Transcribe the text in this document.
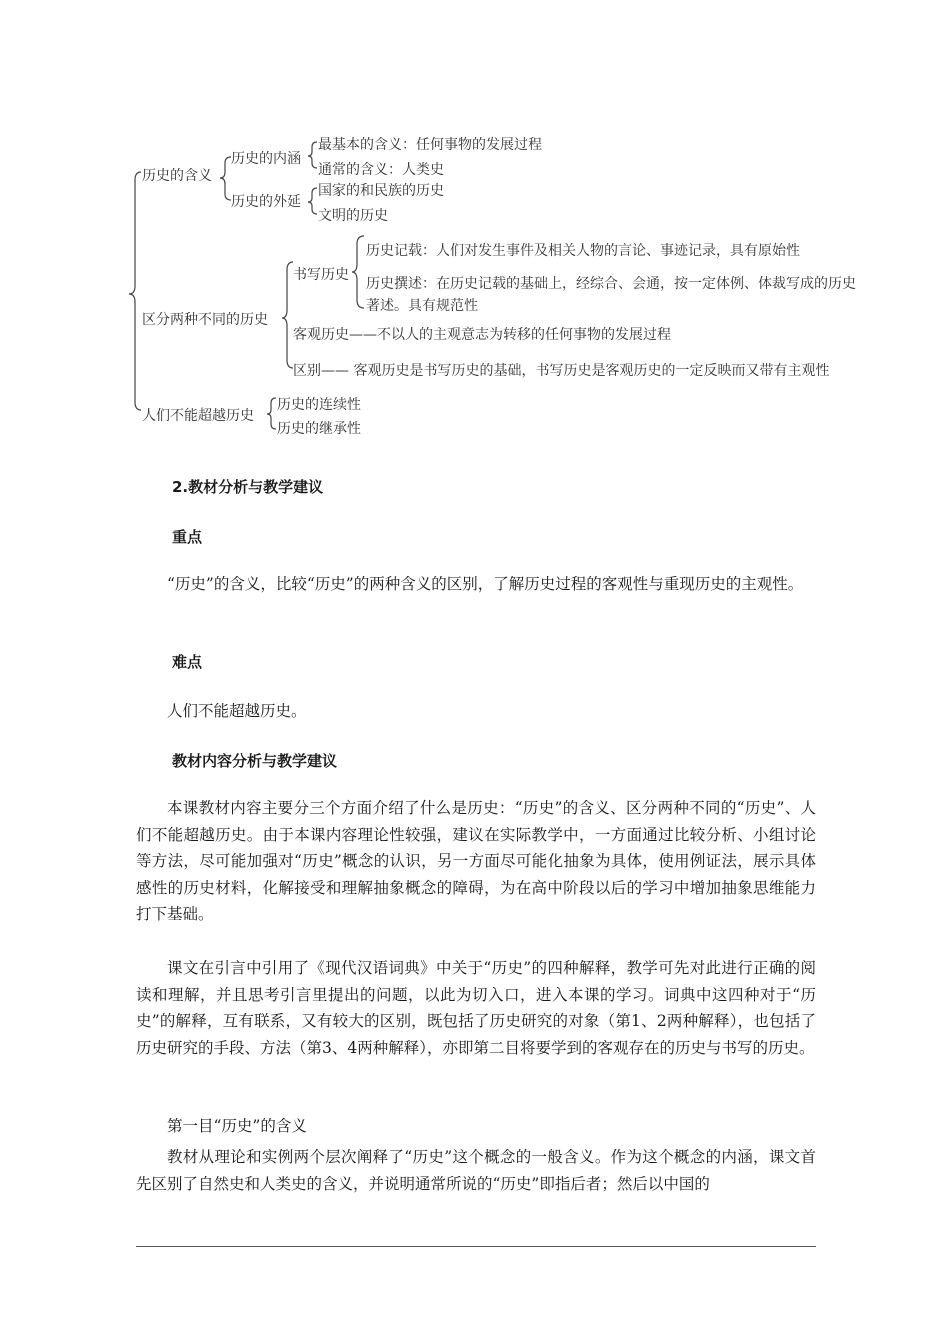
历史的含义
历史的内涵
最基本的含义：任何事物的发展过程
通常的含义：人类史
历史的外延
国家的和民族的历史
文明的历史
区分两种不同的历史
书写历史
历史记载：人们对发生事件及相关人物的言论、事迹记录，具有原始性
历史撰述：在历史记载的基础上，经综合、会通，按一定体例、体裁写成的历史著述。具有规范性
客观历史——不以人的主观意志为转移的任何事物的发展过程
区别—— 客观历史是书写历史的基础，书写历史是客观历史的一定反映而又带有主观性
人们不能超越历史
历史的连续性
历史的继承性
2.教材分析与教学建议
重点

“历史”的含义，比较“历史”的两种含义的区别，了解历史过程的客观性与重现历史的主观性。

难点

人们不能超越历史。

教材内容分析与教学建议

本课教材内容主要分三个方面介绍了什么是历史：“历史”的含义、区分两种不同的“历史”、人们不能超越历史。由于本课内容理论性较强，建议在实际教学中，一方面通过比较分析、小组讨论等方法，尽可能加强对“历史”概念的认识，另一方面尽可能化抽象为具体，使用例证法，展示具体感性的历史材料，化解接受和理解抽象概念的障碍，为在高中阶段以后的学习中增加抽象思维能力打下基础。

课文在引言中引用了《现代汉语词典》中关于“历史”的四种解释，教学可先对此进行正确的阅读和理解，并且思考引言里提出的问题，以此为切入口，进入本课的学习。词典中这四种对于“历史”的解释，互有联系，又有较大的区别，既包括了历史研究的对象（第1、2两种解释），也包括了历史研究的手段、方法（第3、4两种解释），亦即第二目将要学到的客观存在的历史与书写的历史。

第一目“历史”的含义

教材从理论和实例两个层次阐释了“历史”这个概念的一般含义。作为这个概念的内涵，课文首先区别了自然史和人类史的含义，并说明通常所说的“历史”即指后者；然后以中国的
